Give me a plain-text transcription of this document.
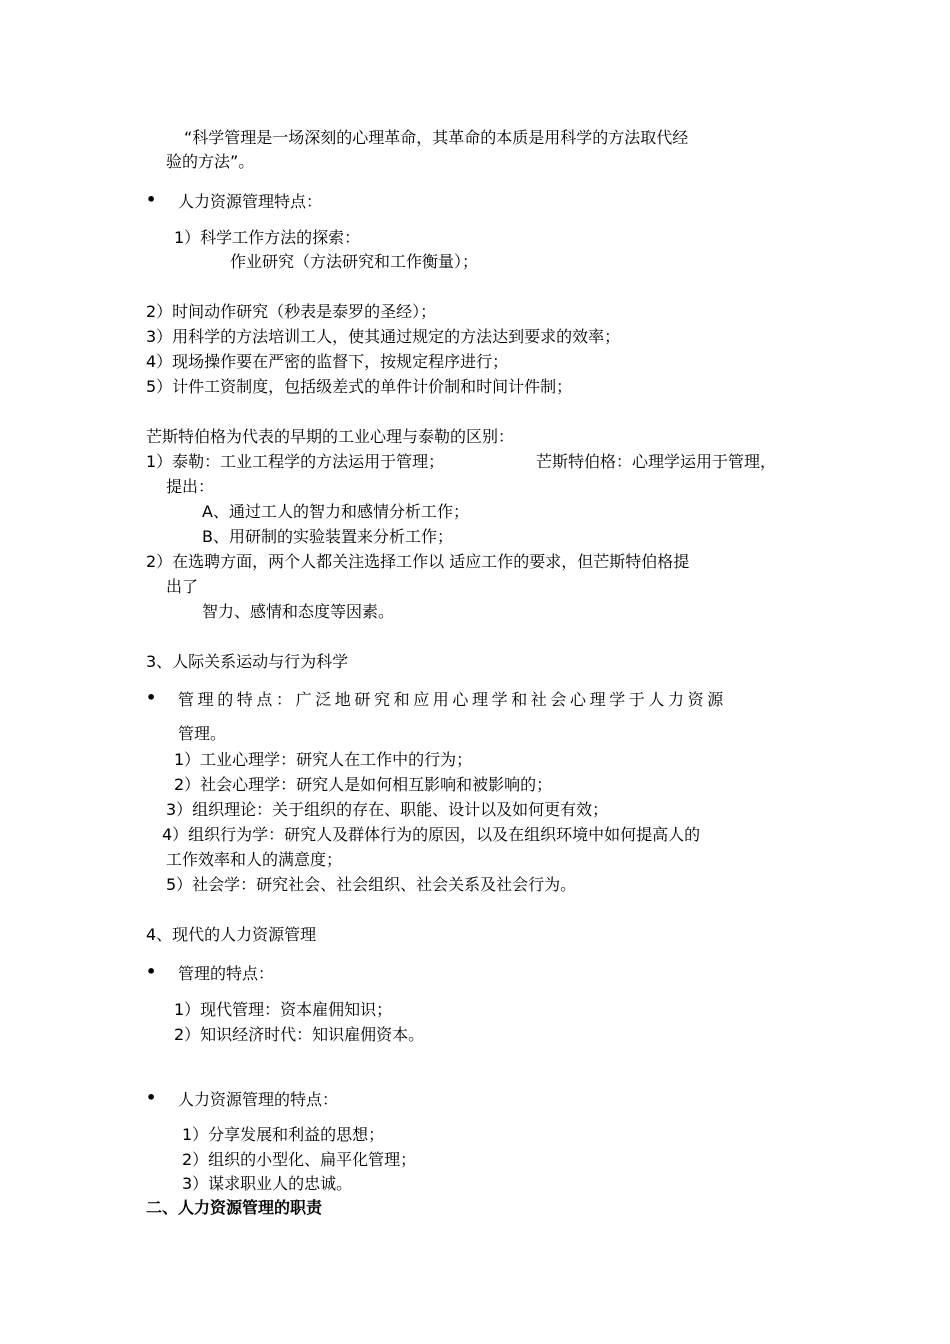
“科学管理是一场深刻的心理革命，其革命的本质是用科学的方法取代经
验的方法”。
• 人力资源管理特点：
1）科学工作方法的探索：
作业研究（方法研究和工作衡量）；
2）时间动作研究（秒表是泰罗的圣经）；
3）用科学的方法培训工人，使其通过规定的方法达到要求的效率；
4）现场操作要在严密的监督下，按规定程序进行；
5）计件工资制度，包括级差式的单件计价制和时间计件制；
芒斯特伯格为代表的早期的工业心理与泰勒的区别：
1）泰勒：工业工程学的方法运用于管理；	芒斯特伯格：心理学运用于管理，
提出：
A、通过工人的智力和感情分析工作；
B、用研制的实验装置来分析工作；
2）在选聘方面，两个人都关注选择工作以 适应工作的要求，但芒斯特伯格提
出了
智力、感情和态度等因素。
3、人际关系运动与行为科学
• 管理的特点：广泛地研究和应用心理学和社会心理学于人力资源
管理。
1）工业心理学：研究人在工作中的行为；
2）社会心理学：研究人是如何相互影响和被影响的；
3）组织理论：关于组织的存在、职能、设计以及如何更有效；
4）组织行为学：研究人及群体行为的原因，以及在组织环境中如何提高人的
工作效率和人的满意度；
5）社会学：研究社会、社会组织、社会关系及社会行为。
4、现代的人力资源管理
• 管理的特点：
1）现代管理：资本雇佣知识；
2）知识经济时代：知识雇佣资本。
• 人力资源管理的特点：
1）分享发展和利益的思想；
2）组织的小型化、扁平化管理；
3）谋求职业人的忠诚。
二、人力资源管理的职责
